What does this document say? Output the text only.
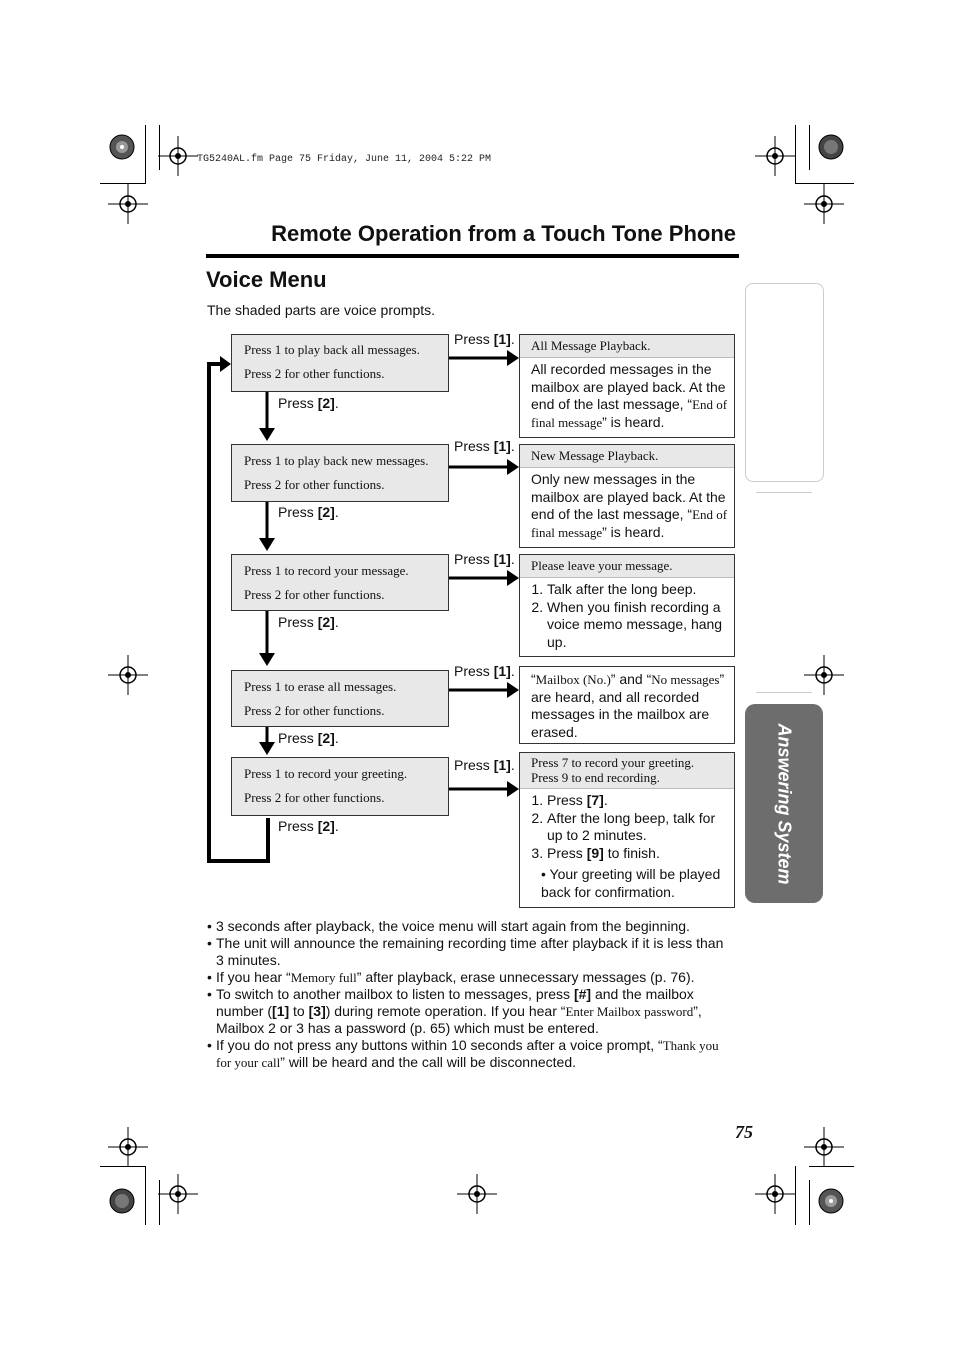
TG5240AL.fm Page 75 Friday, June 11, 2004 5:22 PM
Remote Operation from a Touch Tone Phone
Voice Menu
The shaded parts are voice prompts.
Press 1 to play back all messages.
Press 2 for other functions.
Press 1 to play back new messages.
Press 2 for other functions.
Press 1 to record your message.
Press 2 for other functions.
Press 1 to erase all messages.
Press 2 for other functions.
Press 1 to record your greeting.
Press 2 for other functions.
Press [1].
Press [1].
Press [1].
Press [1].
Press [1].
Press [2].
Press [2].
Press [2].
Press [2].
Press [2].
All Message Playback.
All recorded messages in the mailbox are played back. At the end of the last message, “End of final message” is heard.
New Message Playback.
Only new messages in the mailbox are played back. At the end of the last message, “End of final message” is heard.
Please leave your message.
1. Talk after the long beep.
2. When you finish recording a voice memo message, hang up.
“Mailbox (No.)” and “No messages” are heard, and all recorded messages in the mailbox are erased.
Press 7 to record your greeting.
Press 9 to end recording.
1. Press [7].
2. After the long beep, talk for up to 2 minutes.
3. Press [9] to finish.
• Your greeting will be played back for confirmation.
Answering System
• 3 seconds after playback, the voice menu will start again from the beginning.
• The unit will announce the remaining recording time after playback if it is less than 3 minutes.
• If you hear “Memory full” after playback, erase unnecessary messages (p. 76).
• To switch to another mailbox to listen to messages, press [#] and the mailbox number ([1] to [3]) during remote operation. If you hear “Enter Mailbox password”, Mailbox 2 or 3 has a password (p. 65) which must be entered.
• If you do not press any buttons within 10 seconds after a voice prompt, “Thank you for your call” will be heard and the call will be disconnected.
75
